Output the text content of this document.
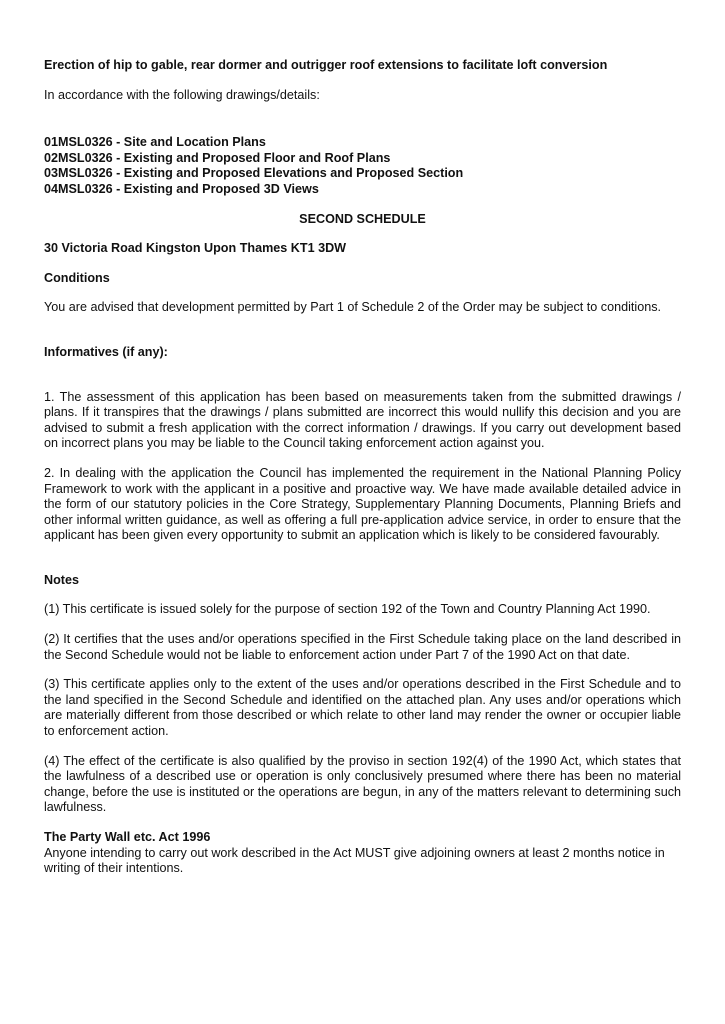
Erection of hip to gable, rear dormer and outrigger roof extensions to facilitate loft conversion

In accordance with the following drawings/details:

01MSL0326 - Site and Location Plans

02MSL0326 - Existing and Proposed Floor and Roof Plans

03MSL0326 - Existing and Proposed Elevations and Proposed Section

04MSL0326 - Existing and Proposed 3D Views

SECOND SCHEDULE

30 Victoria Road Kingston Upon Thames KT1 3DW

Conditions

You are advised that development permitted by Part 1 of Schedule 2 of the Order may be subject to conditions.

Informatives (if any):

1. The assessment of this application has been based on measurements taken from the submitted drawings / plans. If it transpires that the drawings / plans submitted are incorrect this would nullify this decision and you are advised to submit a fresh application with the correct information / drawings. If you carry out development based on incorrect plans you may be liable to the Council taking enforcement action against you.

2. In dealing with the application the Council has implemented the requirement in the National Planning Policy Framework to work with the applicant in a positive and proactive way. We have made available detailed advice in the form of our statutory policies in the Core Strategy, Supplementary Planning Documents, Planning Briefs and other informal written guidance, as well as offering a full pre-application advice service, in order to ensure that the applicant has been given every opportunity to submit an application which is likely to be considered favourably.

Notes

(1) This certificate is issued solely for the purpose of section 192 of the Town and Country Planning Act 1990.

(2) It certifies that the uses and/or operations specified in the First Schedule taking place on the land described in the Second Schedule would not be liable to enforcement action under Part 7 of the 1990 Act on that date.

(3) This certificate applies only to the extent of the uses and/or operations described in the First Schedule and to the land specified in the Second Schedule and identified on the attached plan. Any uses and/or operations which are materially different from those described or which relate to other land may render the owner or occupier liable to enforcement action.

(4) The effect of the certificate is also qualified by the proviso in section 192(4) of the 1990 Act, which states that the lawfulness of a described use or operation is only conclusively presumed where there has been no material change, before the use is instituted or the operations are begun, in any of the matters relevant to determining such lawfulness.

The Party Wall etc. Act 1996

Anyone intending to carry out work described in the Act MUST give adjoining owners at least 2 months notice in writing of their intentions.
